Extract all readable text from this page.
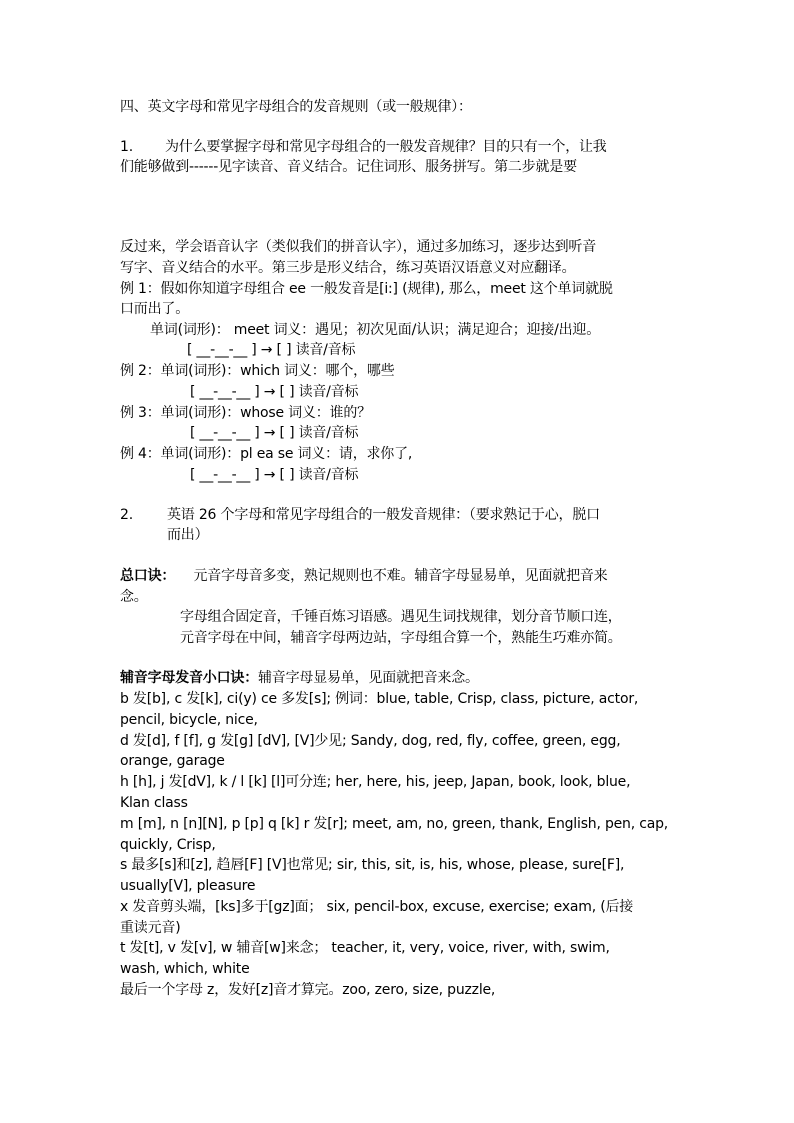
四、英文字母和常见字母组合的发音规则（或一般规律）：
1. 为什么要掌握字母和常见字母组合的一般发音规律？目的只有一个，让我
们能够做到------见字读音、音义结合。记住词形、服务拼写。第二步就是要
反过来，学会语音认字（类似我们的拼音认字），通过多加练习，逐步达到听音
写字、音义结合的水平。第三步是形义结合，练习英语汉语意义对应翻译。
例 1：假如你知道字母组合 ee 一般发音是[i:] (规律), 那么，meet 这个单词就脱
口而出了。
单词(词形)： meet 词义：遇见；初次见面/认识；满足迎合；迎接/出迎。
[ __-__-__ ] → [ ] 读音/音标
例 2：单词(词形)：which 词义：哪个，哪些
[ __-__-__ ] → [ ] 读音/音标
例 3：单词(词形)：whose 词义：谁的？
[ __-__-__ ] → [ ] 读音/音标
例 4：单词(词形)：pl ea se 词义：请，求你了,
[ __-__-__ ] → [ ] 读音/音标
2. 英语 26 个字母和常见字母组合的一般发音规律：（要求熟记于心，脱口
而出）
总口诀： 元音字母音多变，熟记规则也不难。辅音字母显易单，见面就把音来
念。
字母组合固定音，千锤百炼习语感。遇见生词找规律，划分音节顺口连，
元音字母在中间，辅音字母两边站，字母组合算一个，熟能生巧难亦简。
辅音字母发音小口诀：辅音字母显易单，见面就把音来念。
b 发[b], c 发[k], ci(y) ce 多发[s]; 例词：blue, table, Crisp, class, picture, actor,
pencil, bicycle, nice,
d 发[d], f [f], g 发[g] [dV], [V]少见; Sandy, dog, red, fly, coffee, green, egg,
orange, garage
h [h], j 发[dV], k / l [k] [l]可分连; her, here, his, jeep, Japan, book, look, blue,
Klan class
m [m], n [n][N], p [p] q [k] r 发[r]; meet, am, no, green, thank, English, pen, cap,
quickly, Crisp,
s 最多[s]和[z], 趋唇[F] [V]也常见; sir, this, sit, is, his, whose, please, sure[F],
usually[V], pleasure
x 发音剪头端，[ks]多于[gz]面； six, pencil-box, excuse, exercise; exam, (后接
重读元音)
t 发[t], v 发[v], w 辅音[w]来念； teacher, it, very, voice, river, with, swim,
wash, which, white
最后一个字母 z，发好[z]音才算完。zoo, zero, size, puzzle,
